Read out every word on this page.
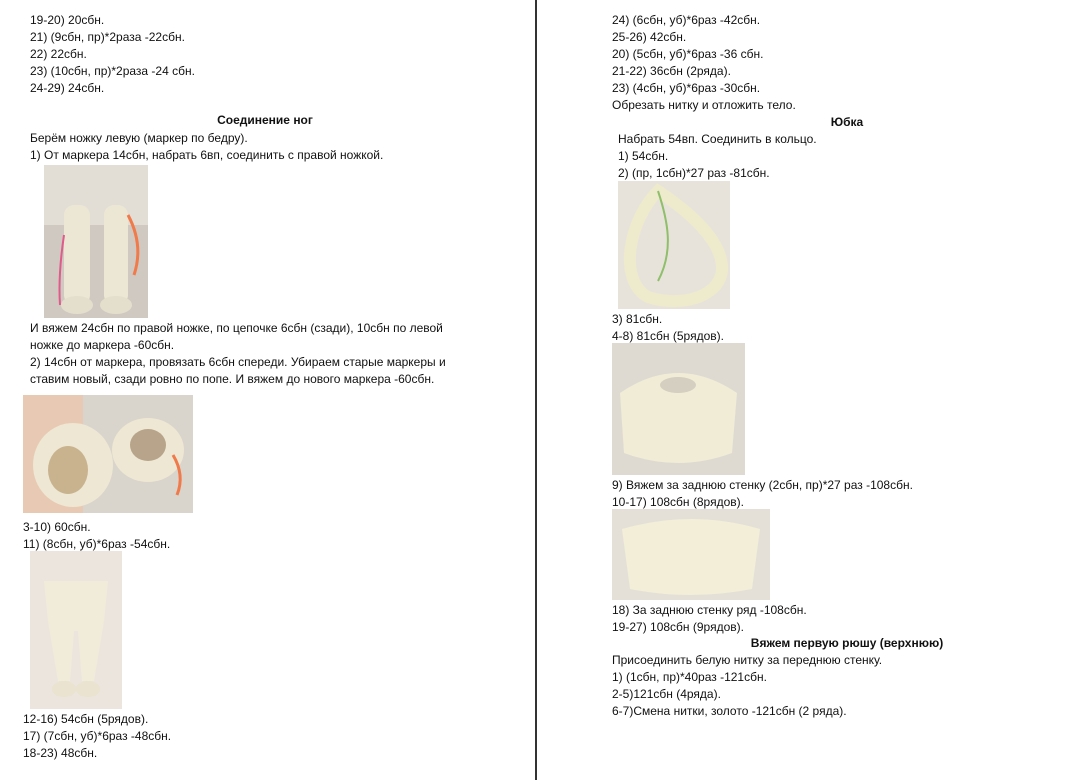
19-20) 20сбн.
21) (9сбн, пр)*2раза -22сбн.
22) 22сбн.
23) (10сбн, пр)*2раза -24 сбн.
24-29) 24сбн.
Соединение ног
Берём ножку левую (маркер по бедру).
1) От маркера 14сбн, набрать 6вп, соединить с правой ножкой.
И вяжем 24сбн по правой ножке, по цепочке 6сбн (сзади), 10сбн по левой
ножке до маркера -60сбн.
2) 14сбн от маркера, провязать 6сбн спереди. Убираем старые маркеры и
ставим новый, сзади ровно по попе. И вяжем до нового маркера -60сбн.
3-10) 60сбн.
11) (8сбн, уб)*6раз -54сбн.
12-16) 54сбн (5рядов).
17) (7сбн, уб)*6раз -48сбн.
18-23) 48сбн.
24) (6сбн, уб)*6раз -42сбн.
25-26) 42сбн.
20) (5сбн, уб)*6раз -36 сбн.
21-22) 36сбн (2ряда).
23) (4сбн, уб)*6раз -30сбн.
Обрезать нитку и отложить тело.
Юбка
Набрать 54вп. Соединить в кольцо.
1) 54сбн.
2) (пр, 1сбн)*27 раз -81сбн.
3) 81сбн.
4-8) 81сбн (5рядов).
9) Вяжем за заднюю стенку (2сбн, пр)*27 раз -108сбн.
10-17) 108сбн (8рядов).
18) За заднюю стенку ряд -108сбн.
19-27) 108сбн (9рядов).
Вяжем первую рюшу (верхнюю)
Присоединить белую нитку за переднюю стенку.
1) (1сбн, пр)*40раз -121сбн.
2-5)121сбн (4ряда).
6-7)Смена нитки, золото -121сбн (2 ряда).
